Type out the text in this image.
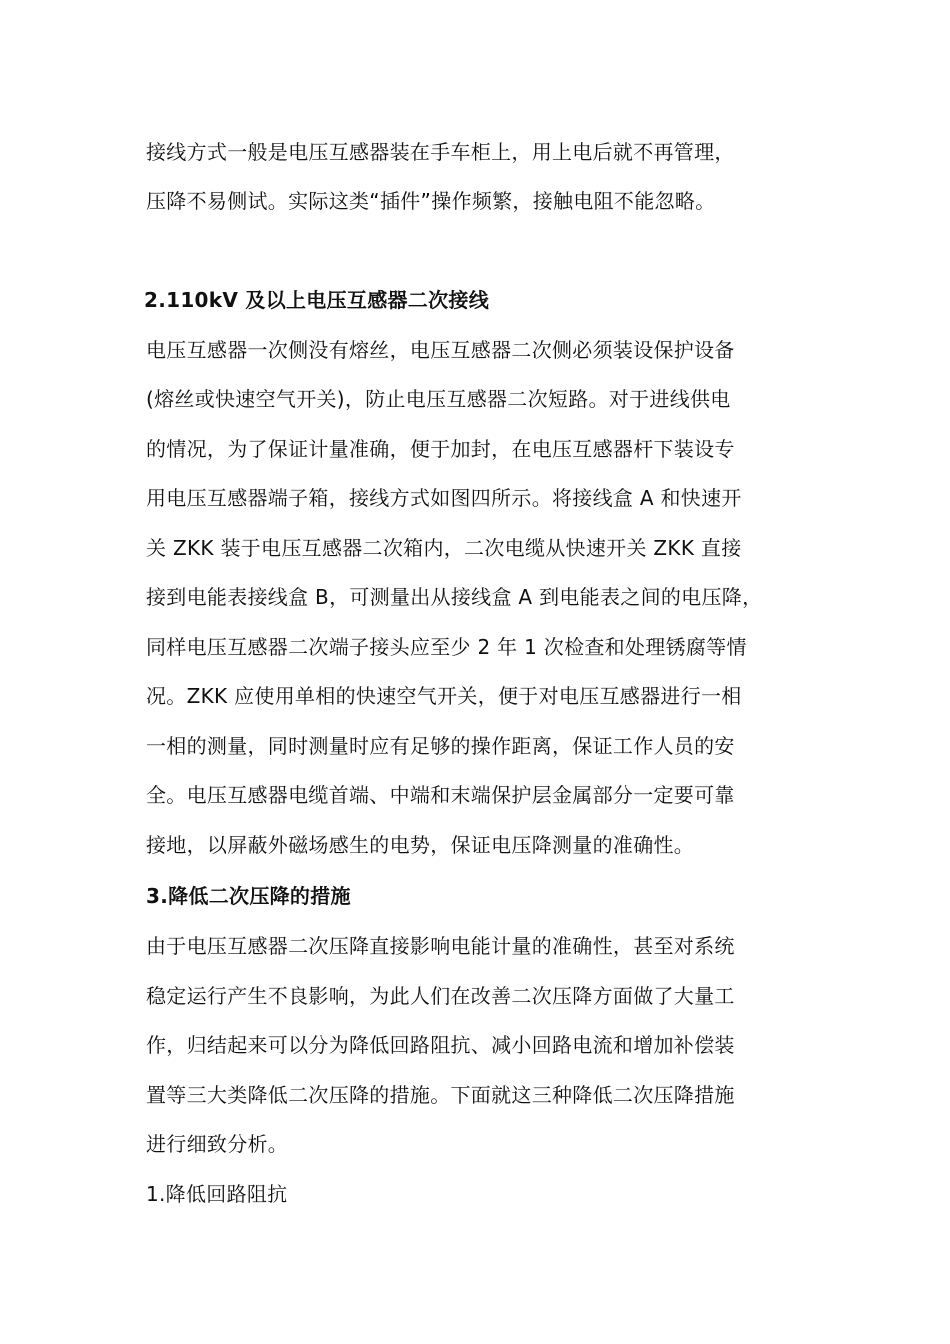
接线方式一般是电压互感器装在手车柜上，用上电后就不再管理，
压降不易侧试。实际这类“插件”操作频繁，接触电阻不能忽略。
2.110kV 及以上电压互感器二次接线
电压互感器一次侧没有熔丝，电压互感器二次侧必须装设保护设备
(熔丝或快速空气开关)，防止电压互感器二次短路。对于进线供电
的情况，为了保证计量准确，便于加封，在电压互感器杆下装设专
用电压互感器端子箱，接线方式如图四所示。将接线盒 A 和快速开
关 ZKK 装于电压互感器二次箱内，二次电缆从快速开关 ZKK 直接
接到电能表接线盒 B，可测量出从接线盒 A 到电能表之间的电压降，
同样电压互感器二次端子接头应至少 2 年 1 次检查和处理锈腐等情
况。ZKK 应使用单相的快速空气开关，便于对电压互感器进行一相
一相的测量，同时测量时应有足够的操作距离，保证工作人员的安
全。电压互感器电缆首端、中端和末端保护层金属部分一定要可靠
接地，以屏蔽外磁场感生的电势，保证电压降测量的准确性。
3.降低二次压降的措施
由于电压互感器二次压降直接影响电能计量的准确性，甚至对系统
稳定运行产生不良影响，为此人们在改善二次压降方面做了大量工
作，归结起来可以分为降低回路阻抗、减小回路电流和增加补偿装
置等三大类降低二次压降的措施。下面就这三种降低二次压降措施
进行细致分析。
1.降低回路阻抗
